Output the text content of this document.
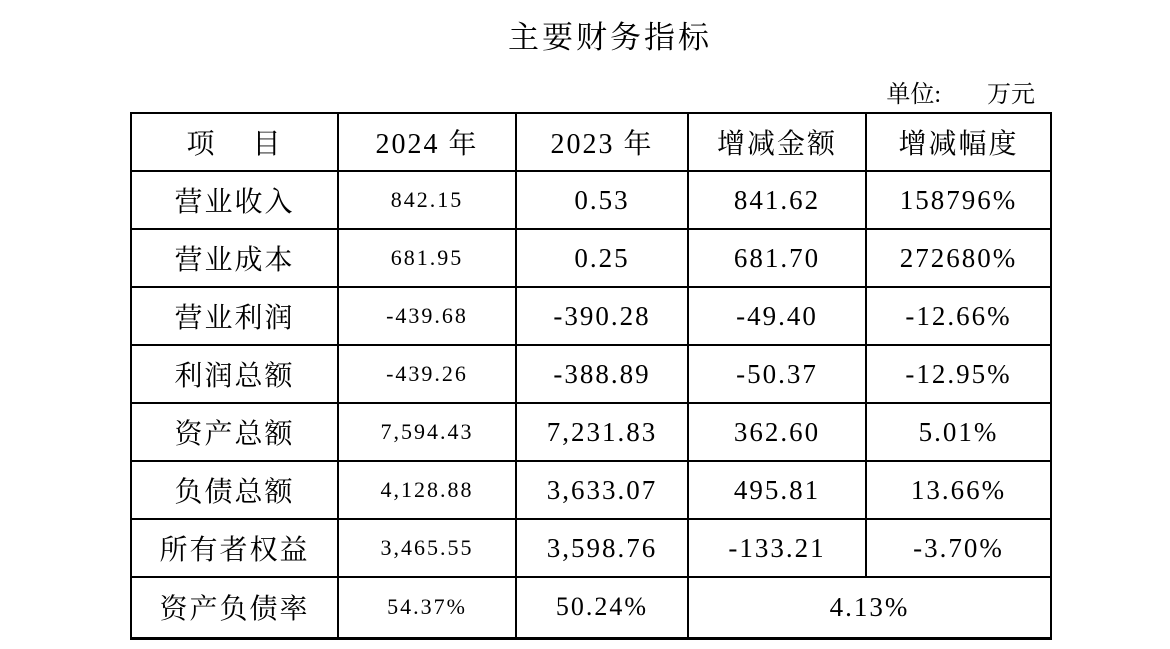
主要财务指标
单位: 万元
项    目	2024 年	2023 年	增减金额	增减幅度
营业收入	842.15	0.53	841.62	158796%
营业成本	681.95	0.25	681.70	272680%
营业利润	-439.68	-390.28	-49.40	-12.66%
利润总额	-439.26	-388.89	-50.37	-12.95%
资产总额	7,594.43	7,231.83	362.60	5.01%
负债总额	4,128.88	3,633.07	495.81	13.66%
所有者权益	3,465.55	3,598.76	-133.21	-3.70%
资产负债率	54.37%	50.24%	4.13%	
